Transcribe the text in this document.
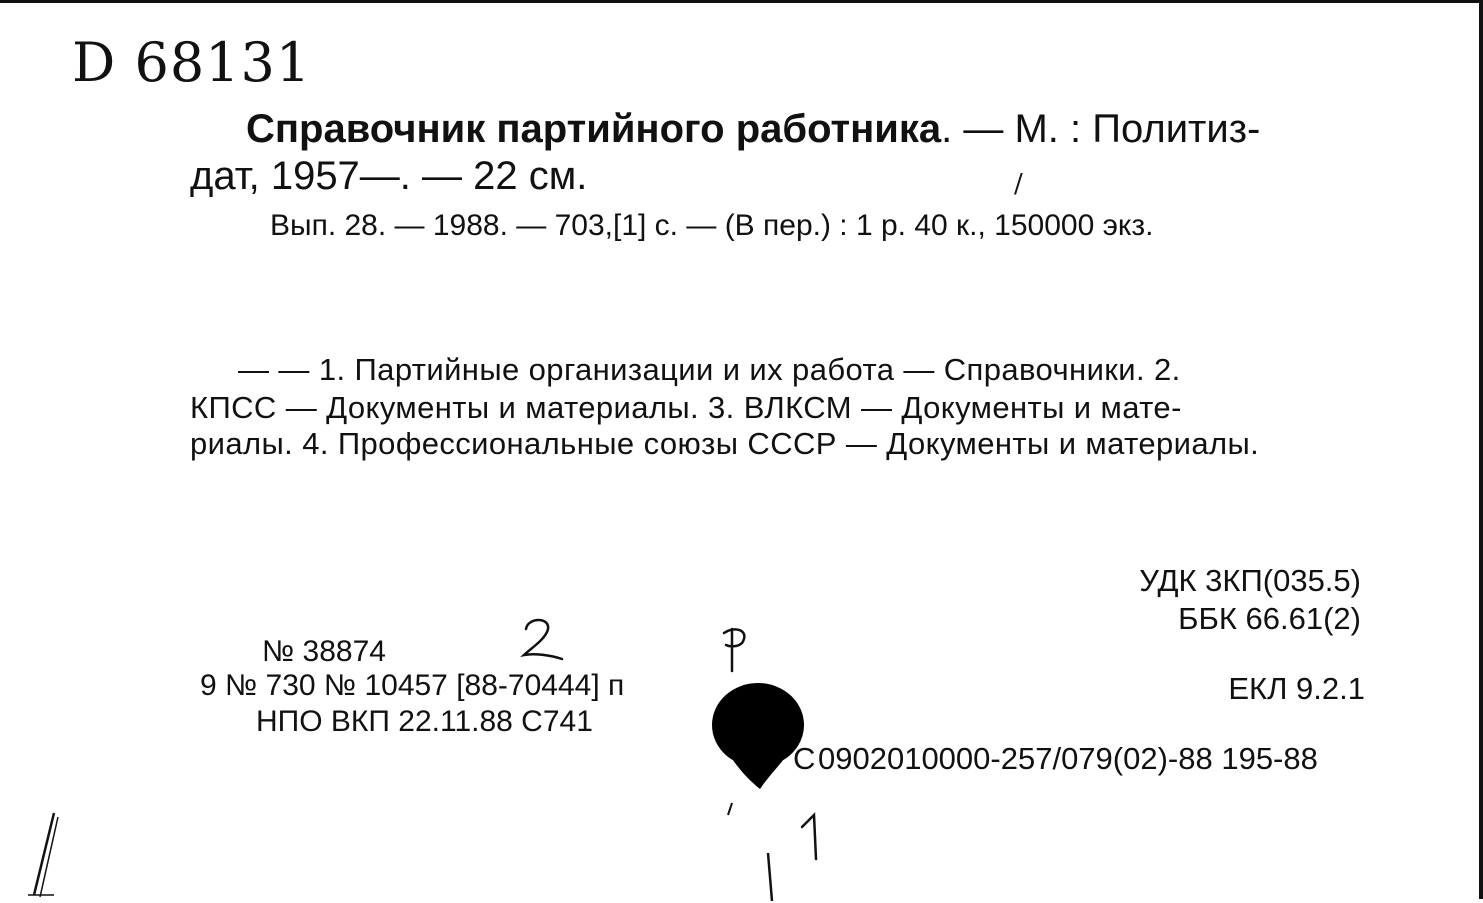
D 68131
Справочник партийного работника. — М. : Политиз-
дат, 1957—. — 22 см.	/
Вып. 28. — 1988. — 703,[1] с. — (В пер.) : 1 р. 40 к., 150000 экз.
— — 1. Партийные организации и их работа — Справочники. 2.
КПСС — Документы и материалы. 3. ВЛКСМ — Документы и мате-
риалы. 4. Профессиональные союзы СССР — Документы и материалы.
УДК 3КП(035.5)
ББК 66.61(2)
ЕКЛ 9.2.1
С 0902010000-257/079(02)-88 195-88
№ 38874
9 № 730 № 10457 [88-70444] п
НПО ВКП 22.11.88 С741
